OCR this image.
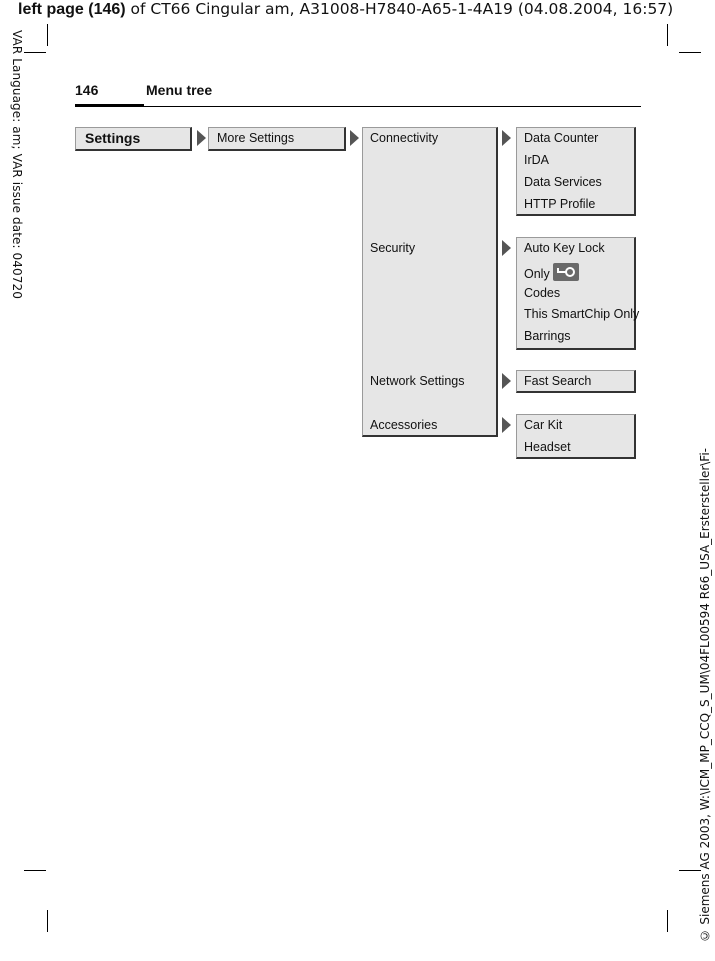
left page (146) of CT66 Cingular am, A31008-H7840-A65-1-4A19 (04.08.2004, 16:57)
VAR Language: am; VAR issue date: 040720
© Siemens AG 2003, W:\ICM_MP_CCQ_S_UM\04FL00594 R66_USA_Erstersteller\Fi-
146	Menu tree
Settings	More Settings	Connectivity
Security
Network Settings
Accessories
Data Counter
IrDA
Data Services
HTTP Profile
Auto Key Lock
Only
Codes
This SmartChip Only
Barrings
Fast Search
Car Kit
Headset
